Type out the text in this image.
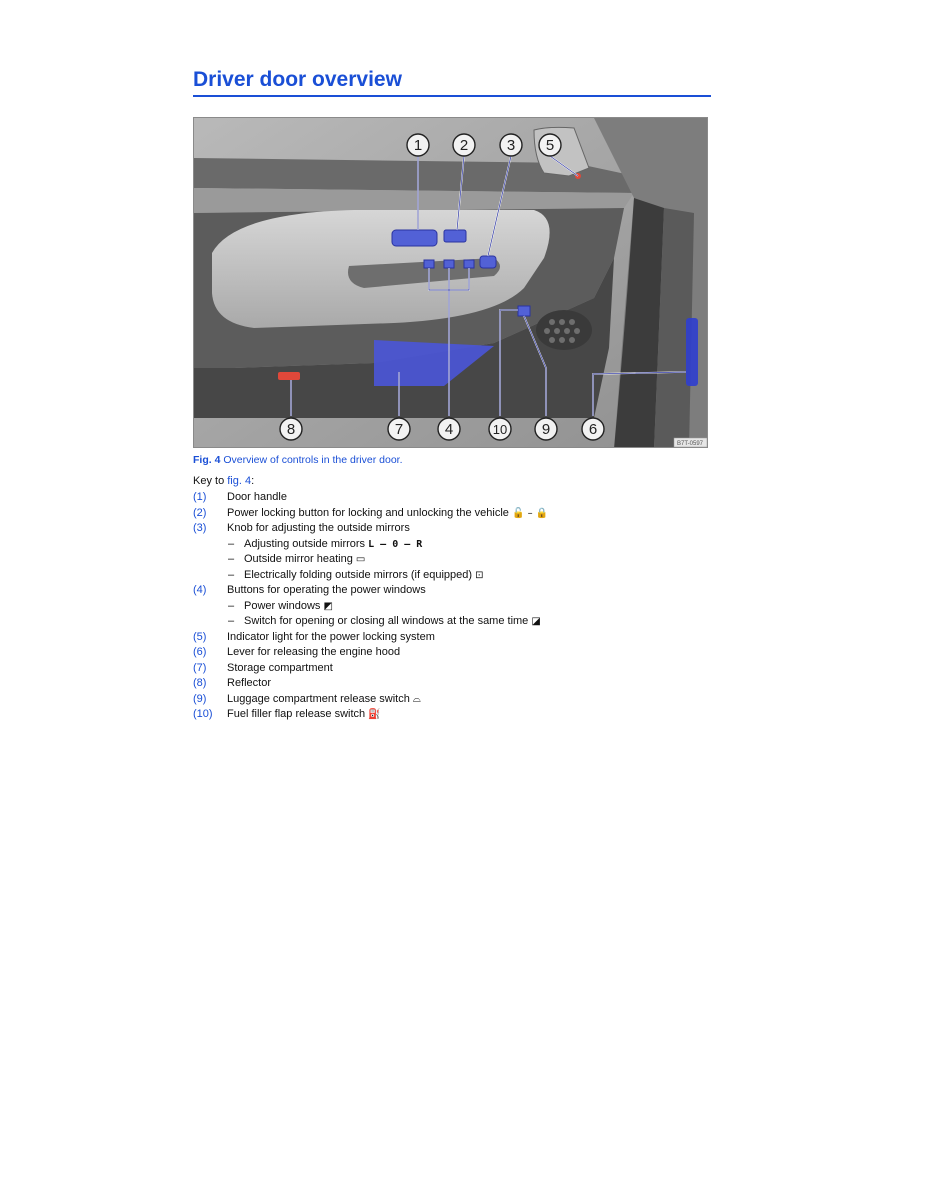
Driver door overview
1	2	3 5
8	7	4	10 9	6
B7T-0597
Fig. 4 Overview of controls in the driver door.
Key to fig. 4:
(1) Door handle
(2) Power locking button for locking and unlocking the vehicle 🔓 – 🔒
(3) Knob for adjusting the outside mirrors
– Adjusting outside mirrors L – 0 – R
– Outside mirror heating ▭
– Electrically folding outside mirrors (if equipped) ⊡
(4) Buttons for operating the power windows
– Power windows ◩
– Switch for opening or closing all windows at the same time ◪
(5) Indicator light for the power locking system
(6) Lever for releasing the engine hood
(7) Storage compartment
(8) Reflector
(9) Luggage compartment release switch ⌓
(10) Fuel filler flap release switch ⛽
